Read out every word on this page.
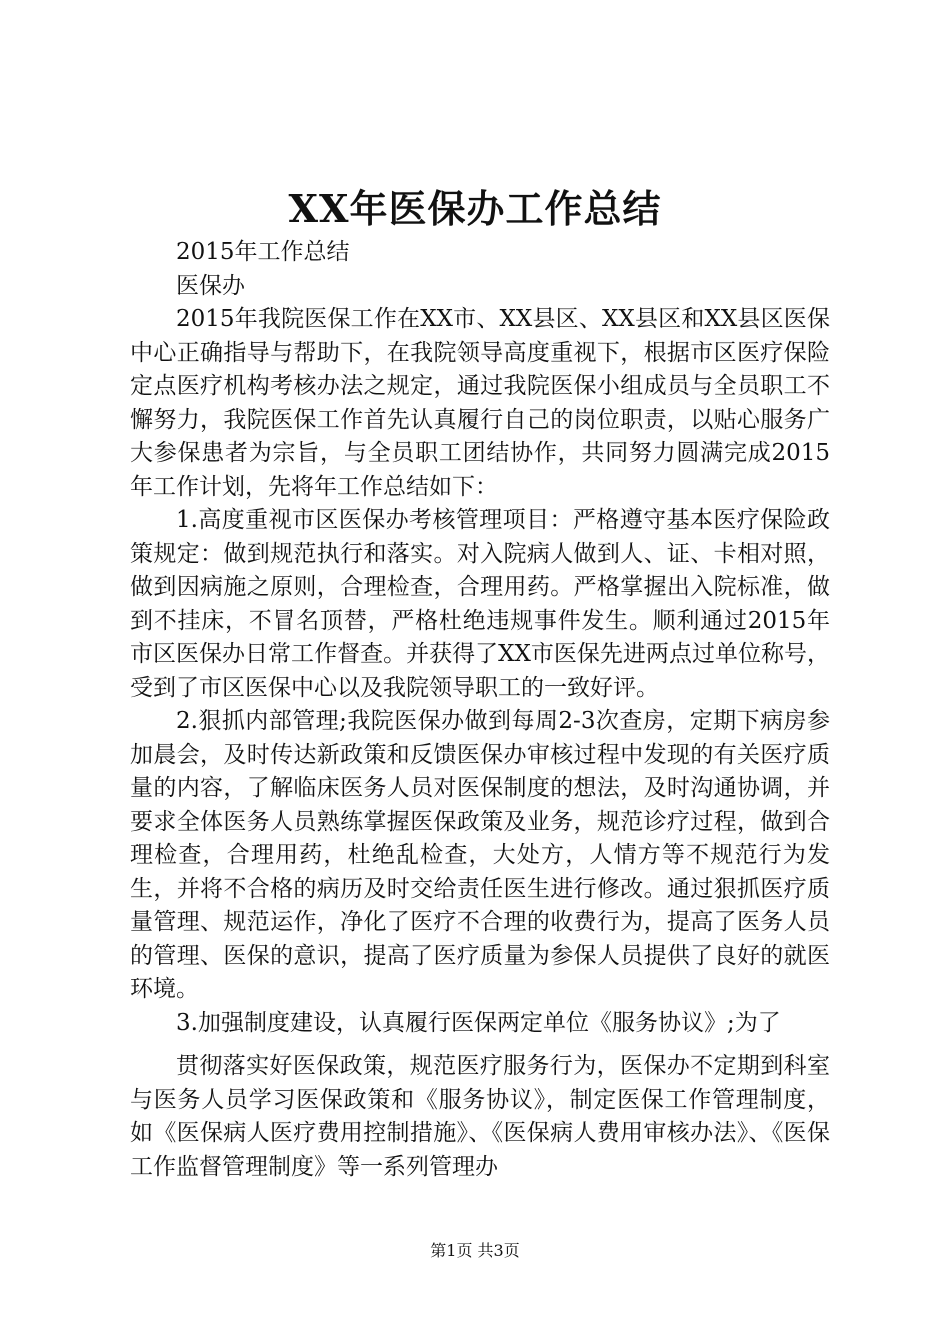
XX年医保办工作总结

2015年工作总结

医保办

2015年我院医保工作在XX市、XX县区、XX县区和XX县区医保中心正确指导与帮助下，在我院领导高度重视下，根据市区医疗保险定点医疗机构考核办法之规定，通过我院医保小组成员与全员职工不懈努力，我院医保工作首先认真履行自己的岗位职责，以贴心服务广大参保患者为宗旨，与全员职工团结协作，共同努力圆满完成2015年工作计划，先将年工作总结如下：

1.高度重视市区医保办考核管理项目：严格遵守基本医疗保险政策规定：做到规范执行和落实。对入院病人做到人、证、卡相对照，做到因病施之原则，合理检查，合理用药。严格掌握出入院标准，做到不挂床，不冒名顶替，严格杜绝违规事件发生。顺利通过2015年市区医保办日常工作督查。并获得了XX市医保先进两点过单位称号，受到了市区医保中心以及我院领导职工的一致好评。

2.狠抓内部管理;我院医保办做到每周2-3次查房，定期下病房参加晨会，及时传达新政策和反馈医保办审核过程中发现的有关医疗质量的内容，了解临床医务人员对医保制度的想法，及时沟通协调，并要求全体医务人员熟练掌握医保政策及业务，规范诊疗过程，做到合理检查，合理用药，杜绝乱检查，大处方，人情方等不规范行为发生，并将不合格的病历及时交给责任医生进行修改。通过狠抓医疗质量管理、规范运作，净化了医疗不合理的收费行为，提高了医务人员的管理、医保的意识，提高了医疗质量为参保人员提供了良好的就医环境。

3.加强制度建设，认真履行医保两定单位《服务协议》;为了

贯彻落实好医保政策，规范医疗服务行为，医保办不定期到科室与医务人员学习医保政策和《服务协议》，制定医保工作管理制度，如《医保病人医疗费用控制措施》、《医保病人费用审核办法》、《医保工作监督管理制度》等一系列管理办

第1页 共3页
